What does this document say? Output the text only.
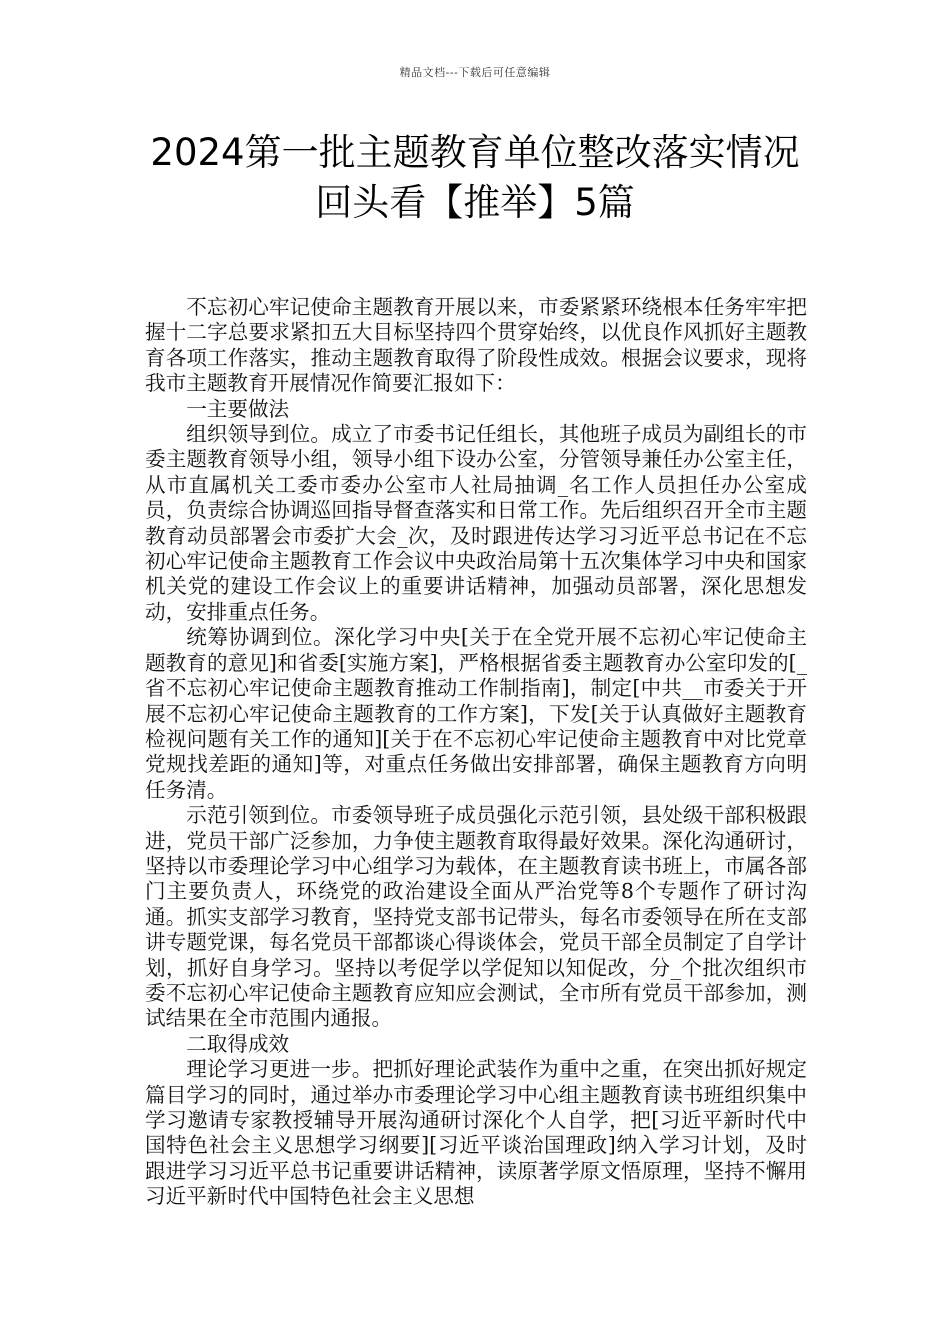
精品文档---下载后可任意编辑
2024第一批主题教育单位整改落实情况
回头看【推举】5篇

不忘初心牢记使命主题教育开展以来，市委紧紧环绕根本任务牢牢把握十二字总要求紧扣五大目标坚持四个贯穿始终，以优良作风抓好主题教育各项工作落实，推动主题教育取得了阶段性成效。根据会议要求，现将我市主题教育开展情况作简要汇报如下：

一主要做法

组织领导到位。成立了市委书记任组长，其他班子成员为副组长的市委主题教育领导小组，领导小组下设办公室，分管领导兼任办公室主任，从市直属机关工委市委办公室市人社局抽调_名工作人员担任办公室成员，负责综合协调巡回指导督查落实和日常工作。先后组织召开全市主题教育动员部署会市委扩大会_次，及时跟进传达学习习近平总书记在不忘初心牢记使命主题教育工作会议中央政治局第十五次集体学习中央和国家机关党的建设工作会议上的重要讲话精神，加强动员部署，深化思想发动，安排重点任务。

统筹协调到位。深化学习中央[关于在全党开展不忘初心牢记使命主题教育的意见]和省委[实施方案]，严格根据省委主题教育办公室印发的[_省不忘初心牢记使命主题教育推动工作制指南]，制定[中共__市委关于开展不忘初心牢记使命主题教育的工作方案]，下发[关于认真做好主题教育检视问题有关工作的通知][关于在不忘初心牢记使命主题教育中对比党章党规找差距的通知]等，对重点任务做出安排部署，确保主题教育方向明任务清。

示范引领到位。市委领导班子成员强化示范引领，县处级干部积极跟进，党员干部广泛参加，力争使主题教育取得最好效果。深化沟通研讨，坚持以市委理论学习中心组学习为载体，在主题教育读书班上，市属各部门主要负责人，环绕党的政治建设全面从严治党等8个专题作了研讨沟通。抓实支部学习教育，坚持党支部书记带头，每名市委领导在所在支部讲专题党课，每名党员干部都谈心得谈体会，党员干部全员制定了自学计划，抓好自身学习。坚持以考促学以学促知以知促改，分_个批次组织市委不忘初心牢记使命主题教育应知应会测试，全市所有党员干部参加，测试结果在全市范围内通报。

二取得成效

理论学习更进一步。把抓好理论武装作为重中之重，在突出抓好规定篇目学习的同时，通过举办市委理论学习中心组主题教育读书班组织集中学习邀请专家教授辅导开展沟通研讨深化个人自学，把[习近平新时代中国特色社会主义思想学习纲要][习近平谈治国理政]纳入学习计划，及时跟进学习习近平总书记重要讲话精神，读原著学原文悟原理，坚持不懈用习近平新时代中国特色社会主义思想
